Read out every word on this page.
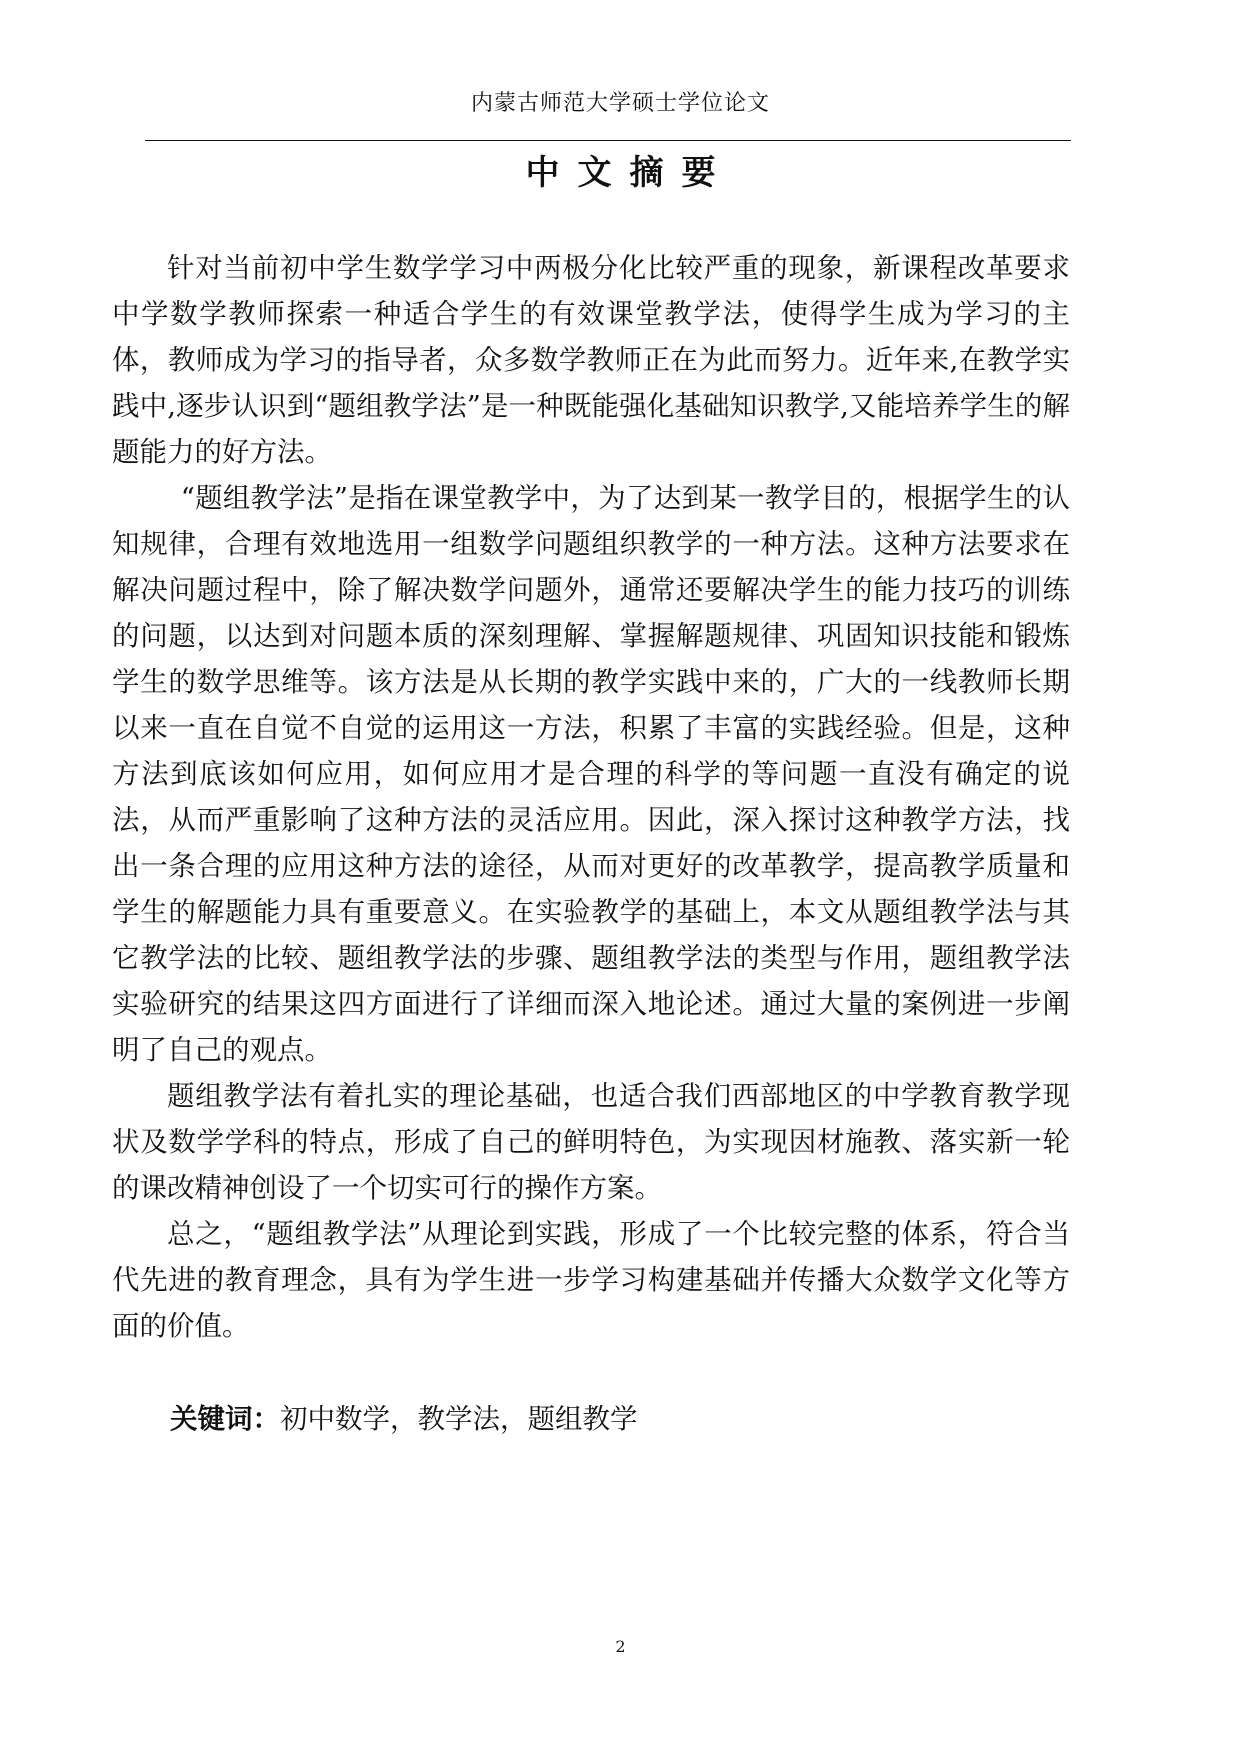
内蒙古师范大学硕士学位论文
中文摘要

针对当前初中学生数学学习中两极分化比较严重的现象，新课程改革要求中学数学教师探索一种适合学生的有效课堂教学法，使得学生成为学习的主体，教师成为学习的指导者，众多数学教师正在为此而努力。近年来,在教学实践中,逐步认识到“题组教学法”是一种既能强化基础知识教学,又能培养学生的解题能力的好方法。

“题组教学法”是指在课堂教学中，为了达到某一教学目的，根据学生的认知规律，合理有效地选用一组数学问题组织教学的一种方法。这种方法要求在解决问题过程中，除了解决数学问题外，通常还要解决学生的能力技巧的训练的问题，以达到对问题本质的深刻理解、掌握解题规律、巩固知识技能和锻炼学生的数学思维等。该方法是从长期的教学实践中来的，广大的一线教师长期以来一直在自觉不自觉的运用这一方法，积累了丰富的实践经验。但是，这种方法到底该如何应用，如何应用才是合理的科学的等问题一直没有确定的说法，从而严重影响了这种方法的灵活应用。因此，深入探讨这种教学方法，找出一条合理的应用这种方法的途径，从而对更好的改革教学，提高教学质量和学生的解题能力具有重要意义。在实验教学的基础上，本文从题组教学法与其它教学法的比较、题组教学法的步骤、题组教学法的类型与作用，题组教学法实验研究的结果这四方面进行了详细而深入地论述。通过大量的案例进一步阐明了自己的观点。

题组教学法有着扎实的理论基础，也适合我们西部地区的中学教育教学现状及数学学科的特点，形成了自己的鲜明特色，为实现因材施教、落实新一轮的课改精神创设了一个切实可行的操作方案。

总之，“题组教学法”从理论到实践，形成了一个比较完整的体系，符合当代先进的教育理念，具有为学生进一步学习构建基础并传播大众数学文化等方面的价值。

关键词：初中数学，教学法，题组教学
2
